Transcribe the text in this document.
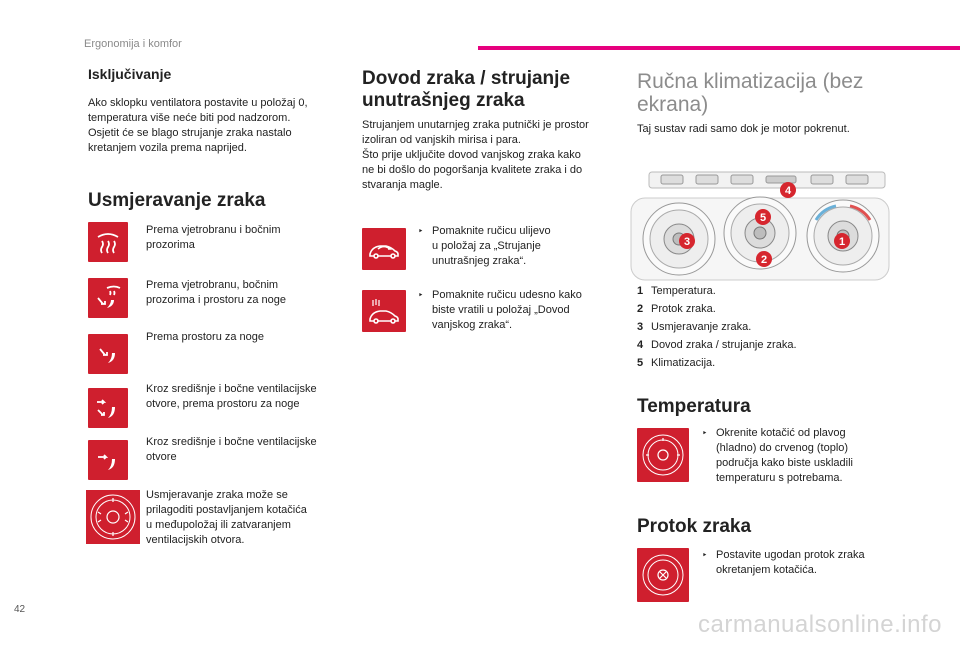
Ergonomija i komfor
Isključivanje
Ako sklopku ventilatora postavite u položaj 0,
temperatura više neće biti pod nadzorom.
Osjetit će se blago strujanje zraka nastalo
kretanjem vozila prema naprijed.
Usmjeravanje zraka
Prema vjetrobranu i bočnim
prozorima
Prema vjetrobranu, bočnim
prozorima i prostoru za noge
Prema prostoru za noge
Kroz središnje i bočne ventilacijske
otvore, prema prostoru za noge
Kroz središnje i bočne ventilacijske
otvore
Usmjeravanje zraka može se
prilagoditi postavljanjem kotačića
u međupoložaj ili zatvaranjem
ventilacijskih otvora.
Dovod zraka / strujanje
unutrašnjeg zraka
Strujanjem unutarnjeg zraka putnički je prostor
izoliran od vanjskih mirisa i para.
Što prije uključite dovod vanjskog zraka kako
ne bi došlo do pogoršanja kvalitete zraka i do
stvaranja magle.
‣ Pomaknite ručicu ulijevo
u položaj za „Strujanje
unutrašnjeg zraka“.
‣ Pomaknite ručicu udesno kako
biste vratili u položaj „Dovod
vanjskog zraka“.
Ručna klimatizacija (bez
ekrana)
Taj sustav radi samo dok je motor pokrenut.
4
5
3
2
1
1 Temperatura.
2 Protok zraka.
3 Usmjeravanje zraka.
4 Dovod zraka / strujanje zraka.
5 Klimatizacija.
Temperatura
‣ Okrenite kotačić od plavog
(hladno) do crvenog (toplo)
područja kako biste uskladili
temperaturu s potrebama.
Protok zraka
‣ Postavite ugodan protok zraka
okretanjem kotačića.
42
carmanualsonline.info
